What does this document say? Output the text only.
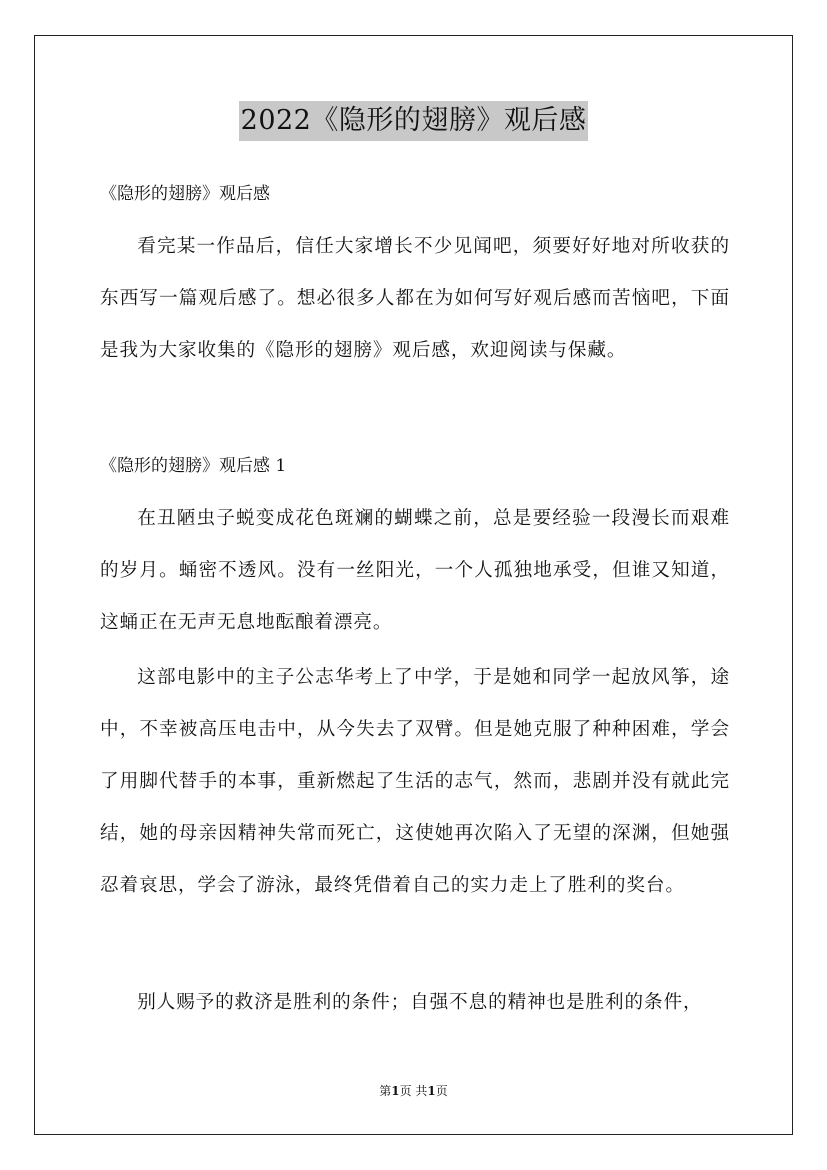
2022《隐形的翅膀》观后感
《隐形的翅膀》观后感

看完某一作品后，信任大家增长不少见闻吧，须要好好地对所收获的东西写一篇观后感了。想必很多人都在为如何写好观后感而苦恼吧，下面是我为大家收集的《隐形的翅膀》观后感，欢迎阅读与保藏。

《隐形的翅膀》观后感 1

在丑陋虫子蜕变成花色斑斓的蝴蝶之前，总是要经验一段漫长而艰难的岁月。蛹密不透风。没有一丝阳光，一个人孤独地承受，但谁又知道，这蛹正在无声无息地酝酿着漂亮。

这部电影中的主子公志华考上了中学，于是她和同学一起放风筝，途中，不幸被高压电击中，从今失去了双臂。但是她克服了种种困难，学会了用脚代替手的本事，重新燃起了生活的志气，然而，悲剧并没有就此完结，她的母亲因精神失常而死亡，这使她再次陷入了无望的深渊，但她强忍着哀思，学会了游泳，最终凭借着自己的实力走上了胜利的奖台。

别人赐予的救济是胜利的条件；自强不息的精神也是胜利的条件，

第1页 共1页
